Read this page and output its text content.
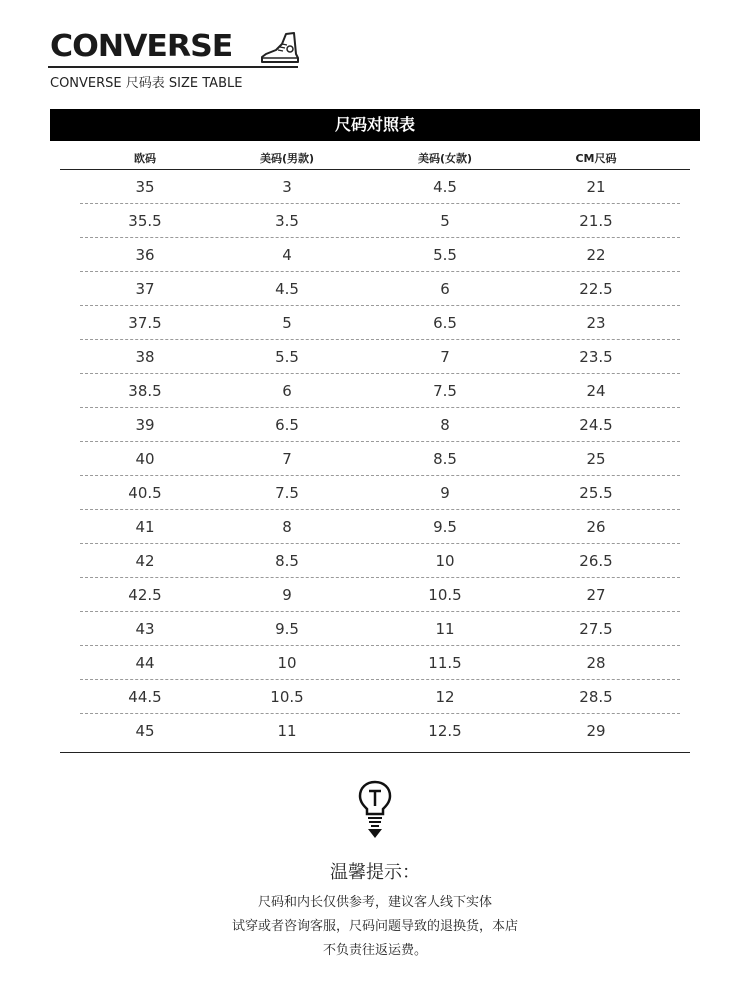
CONVERSE
CONVERSE 尺码表 SIZE TABLE
尺码对照表
欧码	美码(男款)	美码(女款)	CM尺码
35	3	4.5	21
35.5	3.5	5	21.5
36	4	5.5	22
37	4.5	6	22.5
37.5	5	6.5	23
38	5.5	7	23.5
38.5	6	7.5	24
39	6.5	8	24.5
40	7	8.5	25
40.5	7.5	9	25.5
41	8	9.5	26
42	8.5	10	26.5
42.5	9	10.5	27
43	9.5	11	27.5
44	10	11.5	28
44.5	10.5	12	28.5
45	11	12.5	29
温馨提示：
尺码和内长仅供参考，建议客人线下实体
试穿或者咨询客服，尺码问题导致的退换货，本店
不负责往返运费。
